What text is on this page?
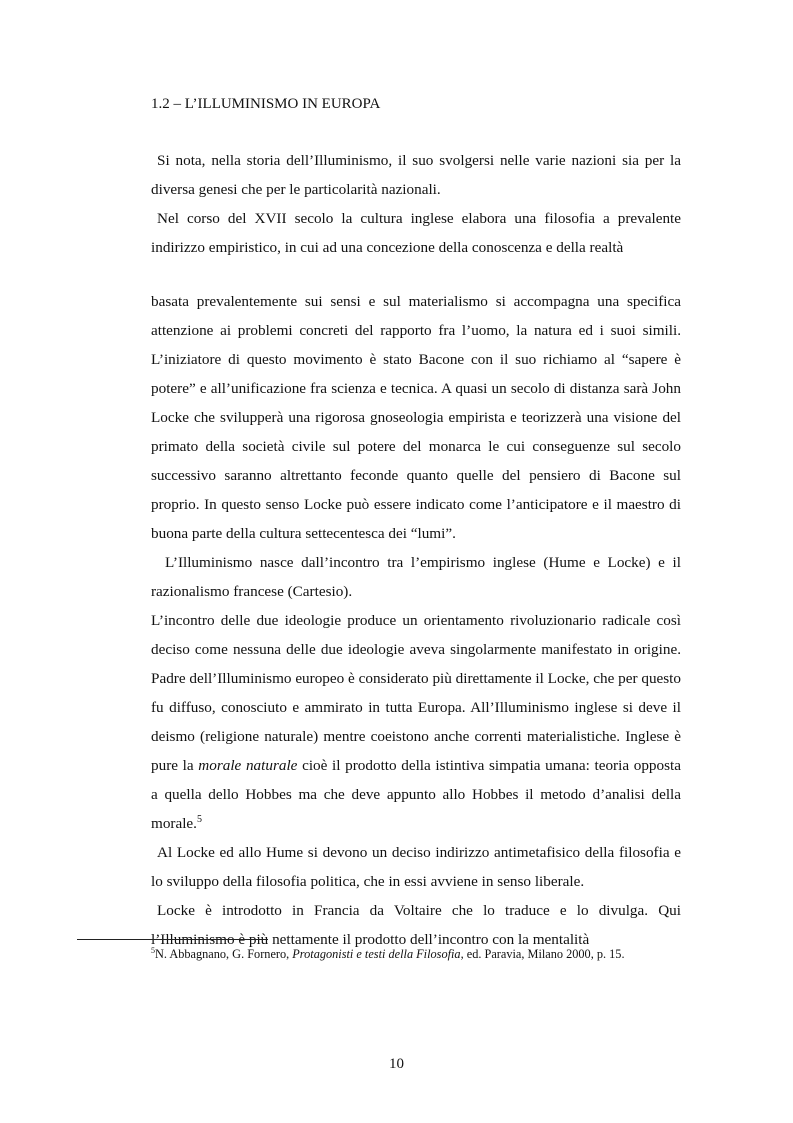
1.2 – L’ILLUMINISMO IN EUROPA

Si nota, nella storia dell’Illuminismo, il suo svolgersi nelle varie nazioni sia per la diversa genesi che per le particolarità nazionali.

Nel corso del XVII secolo la cultura inglese elabora una filosofia a prevalente indirizzo empiristico, in cui ad una concezione della conoscenza e della realtà

basata prevalentemente sui sensi e sul materialismo si accompagna una specifica attenzione ai problemi concreti del rapporto fra l’uomo, la natura ed i suoi simili. L’iniziatore di questo movimento è stato Bacone con il suo richiamo al “sapere è potere” e all’unificazione fra scienza e tecnica. A quasi un secolo di distanza sarà John Locke che svilupperà una rigorosa gnoseologia empirista e teorizzerà una visione del primato della società civile sul potere del monarca le cui conseguenze sul secolo successivo saranno altrettanto feconde quanto quelle del pensiero di Bacone sul proprio. In questo senso Locke può essere indicato come l’anticipatore e il maestro di buona parte della cultura settecentesca dei “lumi”.

L’Illuminismo nasce dall’incontro tra l’empirismo inglese (Hume e Locke) e il razionalismo francese (Cartesio).

L’incontro delle due ideologie produce un orientamento rivoluzionario radicale così deciso come nessuna delle due ideologie aveva singolarmente manifestato in origine. Padre dell’Illuminismo europeo è considerato più direttamente il Locke, che per questo fu diffuso, conosciuto e ammirato in tutta Europa. All’Illuminismo inglese si deve il deismo (religione naturale) mentre coeistono anche correnti materialistiche. Inglese è pure la morale naturale cioè il prodotto della istintiva simpatia umana: teoria opposta a quella dello Hobbes ma che deve appunto allo Hobbes il metodo d’analisi della morale.$^5$

Al Locke ed allo Hume si devono un deciso indirizzo antimetafisico della filosofia e lo sviluppo della filosofia politica, che in essi avviene in senso liberale.

Locke è introdotto in Francia da Voltaire che lo traduce e lo divulga. Qui l’Illuminismo è più nettamente il prodotto dell’incontro con la mentalità

$^5$N. Abbagnano, G. Fornero, Protagonisti e testi della Filosofia, ed. Paravia, Milano 2000, p. 15.
10
